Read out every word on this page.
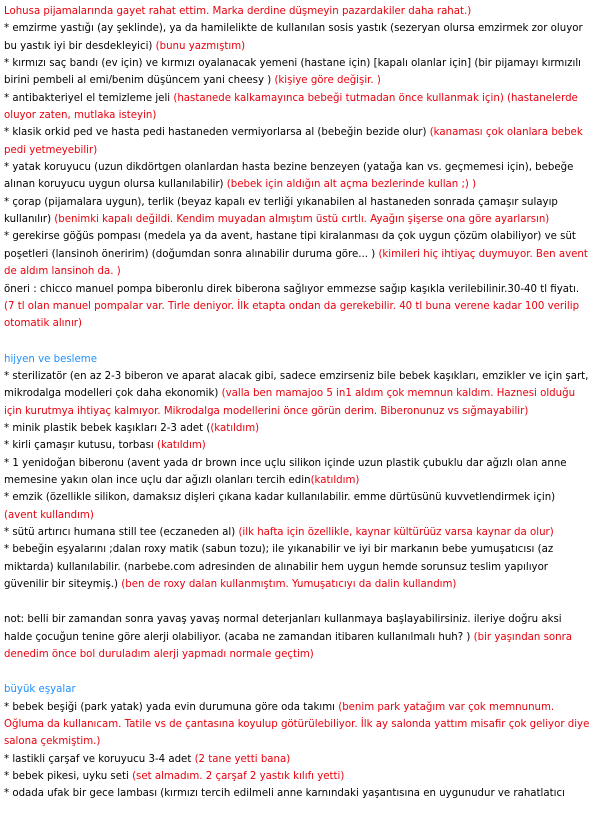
Lohusa pijamalarında gayet rahat ettim. Marka derdine düşmeyin pazardakiler daha rahat.)

* emzirme yastığı (ay şeklinde), ya da hamilelikte de kullanılan sosis yastık (sezeryan olursa emzirmek zor oluyor bu yastık iyi bir desdekleyici) (bunu yazmıştım)

* kırmızı saç bandı (ev için) ve kırmızı oyalanacak yemeni (hastane için) [kapalı olanlar için] (bir pijamayı kırmızılı birini pembeli al emi/benim düşüncem yani cheesy ) (kişiye göre değişir. )

* antibakteriyel el temizleme jeli (hastanede kalkamayınca bebeği tutmadan önce kullanmak için) (hastanelerde oluyor zaten, mutlaka isteyin)

* klasik orkid ped ve hasta pedi hastaneden vermiyorlarsa al (bebeğin bezide olur) (kanaması çok olanlara bebek pedi yetmeyebilir)

* yatak koruyucu (uzun dikdörtgen olanlardan hasta bezine benzeyen (yatağa kan vs. geçmemesi için), bebeğe alınan koruyucu uygun olursa kullanılabilir) (bebek için aldığın alt açma bezlerinde kullan ;) )

* çorap (pijamalara uygun), terlik (beyaz kapalı ev terliği yıkanabilen al hastaneden sonrada çamaşır sulayıp kullanılır) (benimki kapalı değildi. Kendim muyadan almıştım üstü cırtlı. Ayağın şişerse ona göre ayarlarsın)

* gerekirse göğüs pompası (medela ya da avent, hastane tipi kiralanması da çok uygun çözüm olabiliyor) ve süt poşetleri (lansinoh öneririm) (doğumdan sonra alınabilir duruma göre... ) (kimileri hiç ihtiyaç duymuyor. Ben avent de aldım lansinoh da. )

öneri : chicco manuel pompa biberonlu direk biberona sağlıyor emmezse sağıp kaşıkla verilebilinir.30-40 tl fiyatı. (7 tl olan manuel pompalar var. Tirle deniyor. İlk etapta ondan da gerekebilir. 40 tl buna verene kadar 100 verilip otomatik alınır)

hijyen ve besleme

* sterilizatör (en az 2-3 biberon ve aparat alacak gibi, sadece emzirseniz bile bebek kaşıkları, emzikler ve için şart, mikrodalga modelleri çok daha ekonomik) (valla ben mamajoo 5 in1 aldım çok memnun kaldım. Haznesi olduğu için kurutmya ihtiyaç kalmıyor. Mikrodalga modellerini önce görün derim. Biberonunuz vs sığmayabilir)

* minik plastik bebek kaşıkları 2-3 adet ((katıldım)

* kirli çamaşır kutusu, torbası (katıldım)

* 1 yenidoğan biberonu (avent yada dr brown ince uçlu silikon içinde uzun plastik çubuklu dar ağızlı olan anne memesine yakın olan ince uçlu dar ağızlı olanları tercih edin(katıldım)

* emzik (özellikle silikon, damaksız dişleri çıkana kadar kullanılabilir. emme dürtüsünü kuvvetlendirmek için) (avent kullandım)

* sütü artırıcı humana still tee (eczaneden al) (ilk hafta için özellikle, kaynar kültürüüz varsa kaynar da olur)

* bebeğin eşyalarını ;dalan roxy matik (sabun tozu); ile yıkanabilir ve iyi bir markanın bebe yumuşatıcısı (az miktarda) kullanılabilir. (narbebe.com adresinden de alınabilir hem uygun hemde sorunsuz teslim yapılıyor güvenilir bir siteymiş.) (ben de roxy dalan kullanmıştım. Yumuşatıcıyı da dalin kullandım)

not: belli bir zamandan sonra yavaş yavaş normal deterjanları kullanmaya başlayabilirsiniz. ileriye doğru aksi halde çocuğun tenine göre alerji olabiliyor. (acaba ne zamandan itibaren kullanılmalı huh? ) (bir yaşından sonra denedim önce bol duruladım alerji yapmadı normale geçtim)

büyük eşyalar

* bebek beşiği (park yatak) yada evin durumuna göre oda takımı (benim park yatağım var çok memnunum. Oğluma da kullanıcam. Tatile vs de çantasına koyulup götürülebiliyor. İlk ay salonda yattım misafir çok geliyor diye salona çekmiştim.)

* lastikli çarşaf ve koruyucu 3-4 adet (2 tane yetti bana)

* bebek pikesi, uyku seti (set almadım. 2 çarşaf 2 yastık kılıfı yetti)

* odada ufak bir gece lambası (kırmızı tercih edilmeli anne karnındaki yaşantısına en uygunudur ve rahatlatıcı
